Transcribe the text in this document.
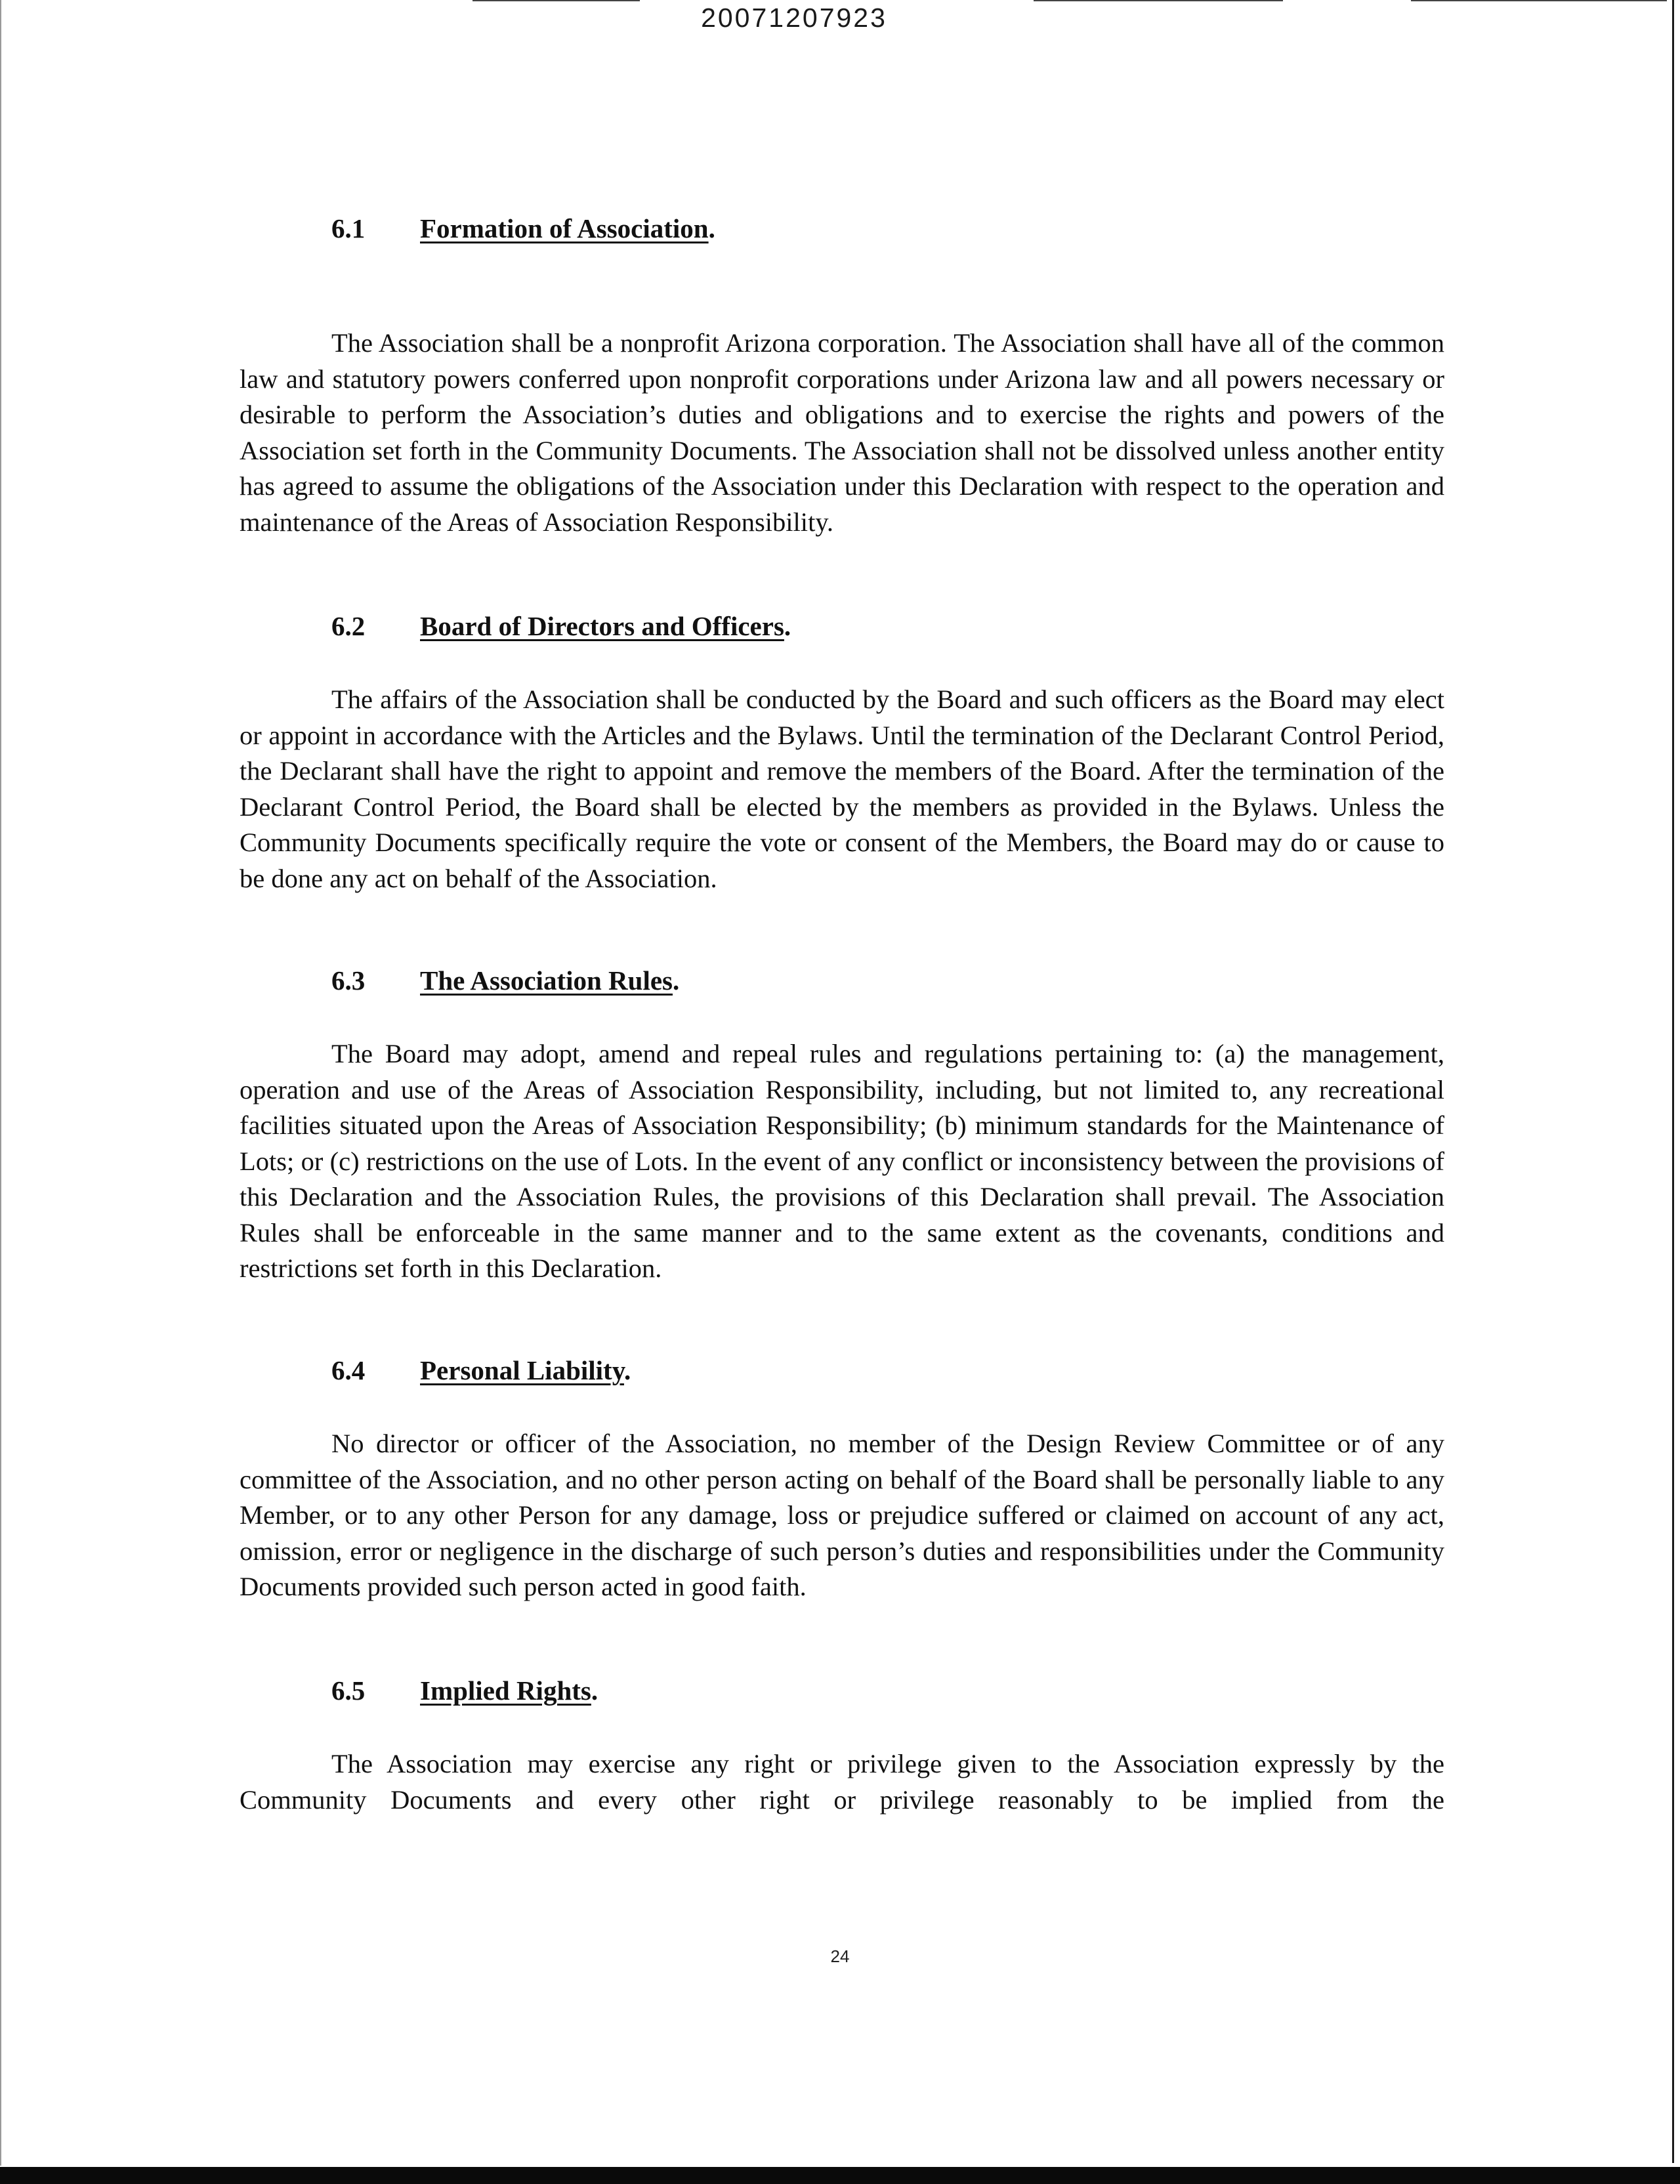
20071207923

6.1 Formation of Association.

The Association shall be a nonprofit Arizona corporation. The Association shall have all of the common law and statutory powers conferred upon nonprofit corporations under Arizona law and all powers necessary or desirable to perform the Association’s duties and obligations and to exercise the rights and powers of the Association set forth in the Community Documents. The Association shall not be dissolved unless another entity has agreed to assume the obligations of the Association under this Declaration with respect to the operation and maintenance of the Areas of Association Responsibility.

6.2 Board of Directors and Officers.

The affairs of the Association shall be conducted by the Board and such officers as the Board may elect or appoint in accordance with the Articles and the Bylaws. Until the termination of the Declarant Control Period, the Declarant shall have the right to appoint and remove the members of the Board. After the termination of the Declarant Control Period, the Board shall be elected by the members as provided in the Bylaws. Unless the Community Documents specifically require the vote or consent of the Members, the Board may do or cause to be done any act on behalf of the Association.

6.3 The Association Rules.

The Board may adopt, amend and repeal rules and regulations pertaining to: (a) the management, operation and use of the Areas of Association Responsibility, including, but not limited to, any recreational facilities situated upon the Areas of Association Responsibility; (b) minimum standards for the Maintenance of Lots; or (c) restrictions on the use of Lots. In the event of any conflict or inconsistency between the provisions of this Declaration and the Association Rules, the provisions of this Declaration shall prevail. The Association Rules shall be enforceable in the same manner and to the same extent as the covenants, conditions and restrictions set forth in this Declaration.

6.4 Personal Liability.

No director or officer of the Association, no member of the Design Review Committee or of any committee of the Association, and no other person acting on behalf of the Board shall be personally liable to any Member, or to any other Person for any damage, loss or prejudice suffered or claimed on account of any act, omission, error or negligence in the discharge of such person’s duties and responsibilities under the Community Documents provided such person acted in good faith.

6.5 Implied Rights.

The Association may exercise any right or privilege given to the Association expressly by the Community Documents and every other right or privilege reasonably to be implied from the

24
